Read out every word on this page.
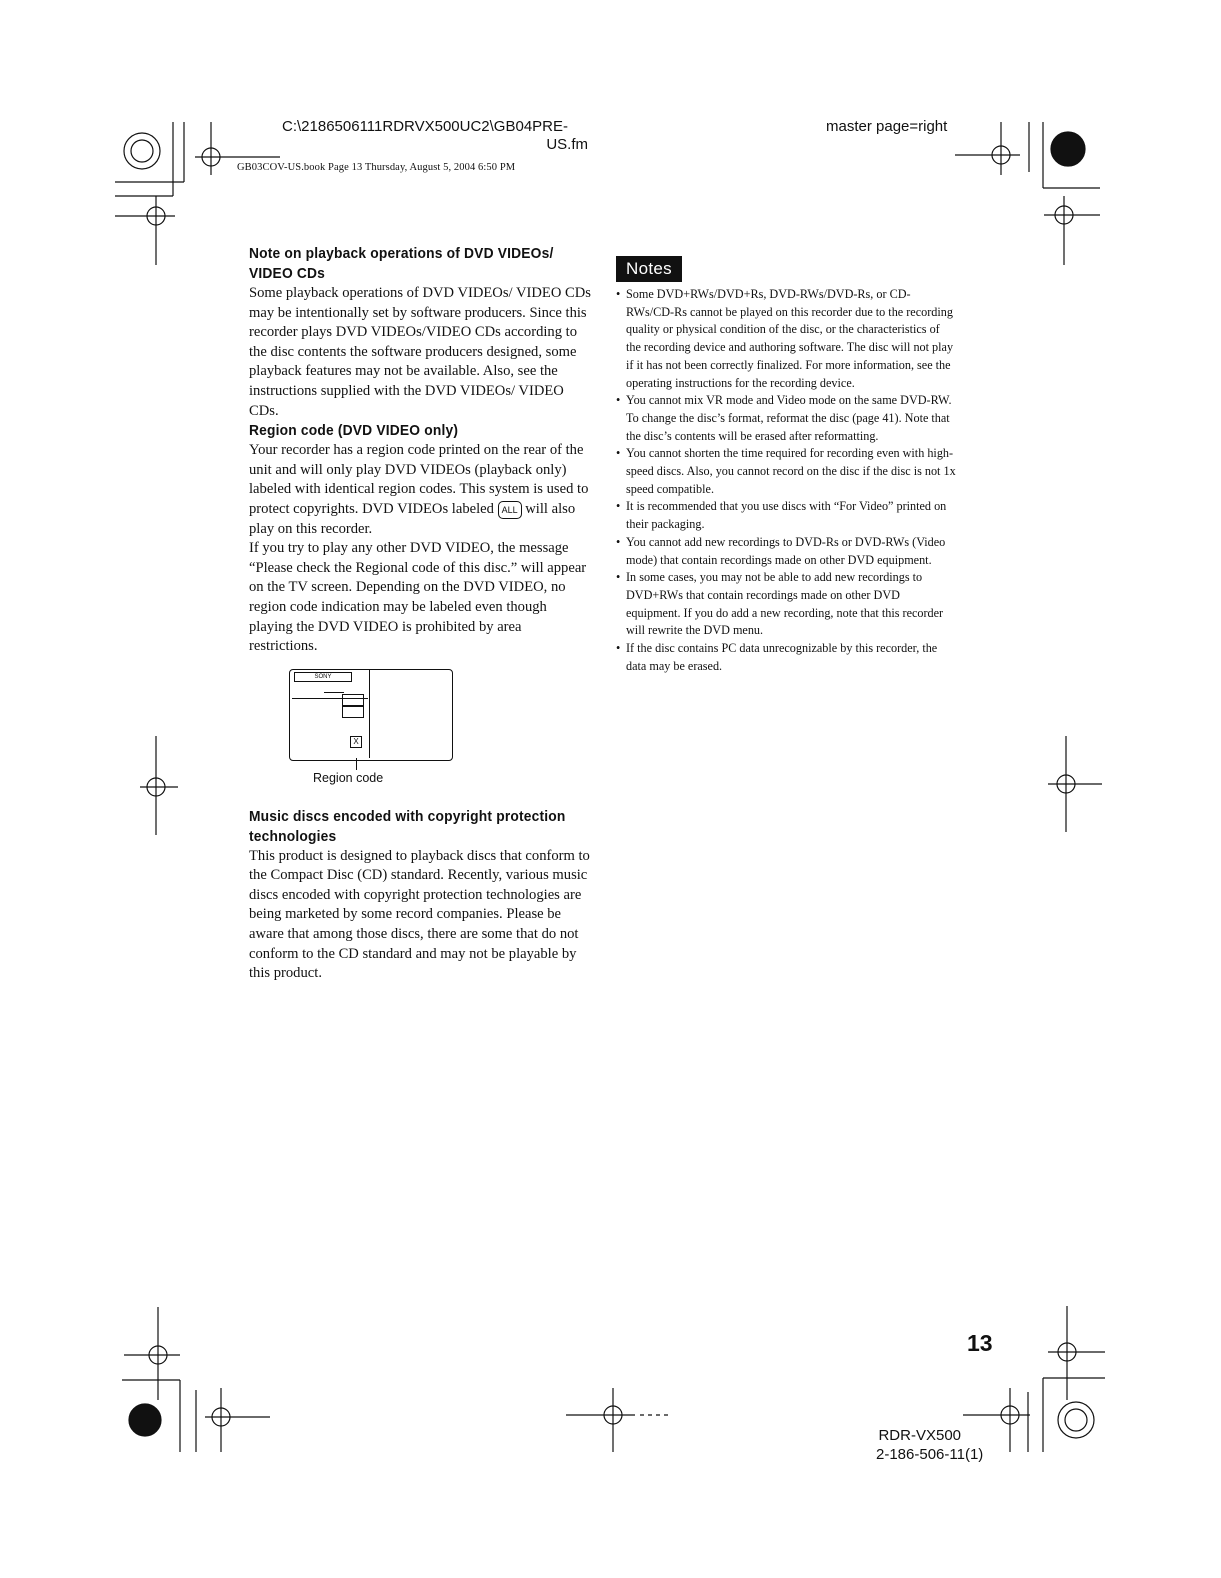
C:\2186506111RDRVX500UC2\GB04PRE-
US.fm
master page=right
GB03COV-US.book Page 13 Thursday, August 5, 2004 6:50 PM
Note on playback operations of DVD VIDEOs/
VIDEO CDs

Some playback operations of DVD VIDEOs/ VIDEO CDs may be intentionally set by software producers. Since this recorder plays DVD VIDEOs/VIDEO CDs according to the disc contents the software producers designed, some playback features may not be available. Also, see the instructions supplied with the DVD VIDEOs/ VIDEO CDs.

Region code (DVD VIDEO only)

Your recorder has a region code printed on the rear of the unit and will only play DVD VIDEOs (playback only) labeled with identical region codes. This system is used to protect copyrights. DVD VIDEOs labeled ALL will also play on this recorder.

If you try to play any other DVD VIDEO, the message “Please check the Regional code of this disc.” will appear on the TV screen. Depending on the DVD VIDEO, no region code indication may be labeled even though playing the DVD VIDEO is prohibited by area restrictions.

SONY
X
Region code
Music discs encoded with copyright protection
technologies

This product is designed to playback discs that conform to the Compact Disc (CD) standard. Recently, various music discs encoded with copyright protection technologies are being marketed by some record companies. Please be aware that among those discs, there are some that do not conform to the CD standard and may not be playable by this product.

Notes
• Some DVD+RWs/DVD+Rs, DVD-RWs/DVD-Rs, or CD-RWs/CD-Rs cannot be played on this recorder due to the recording quality or physical condition of the disc, or the characteristics of the recording device and authoring software. The disc will not play if it has not been correctly finalized. For more information, see the operating instructions for the recording device.
• You cannot mix VR mode and Video mode on the same DVD-RW. To change the disc’s format, reformat the disc (page 41). Note that the disc’s contents will be erased after reformatting.
• You cannot shorten the time required for recording even with high-speed discs. Also, you cannot record on the disc if the disc is not 1x speed compatible.
• It is recommended that you use discs with “For Video” printed on their packaging.
• You cannot add new recordings to DVD-Rs or DVD-RWs (Video mode) that contain recordings made on other DVD equipment.
• In some cases, you may not be able to add new recordings to DVD+RWs that contain recordings made on other DVD equipment. If you do add a new recording, note that this recorder will rewrite the DVD menu.
• If the disc contains PC data unrecognizable by this recorder, the data may be erased.
13
RDR-VX500
2-186-506-11(1)
